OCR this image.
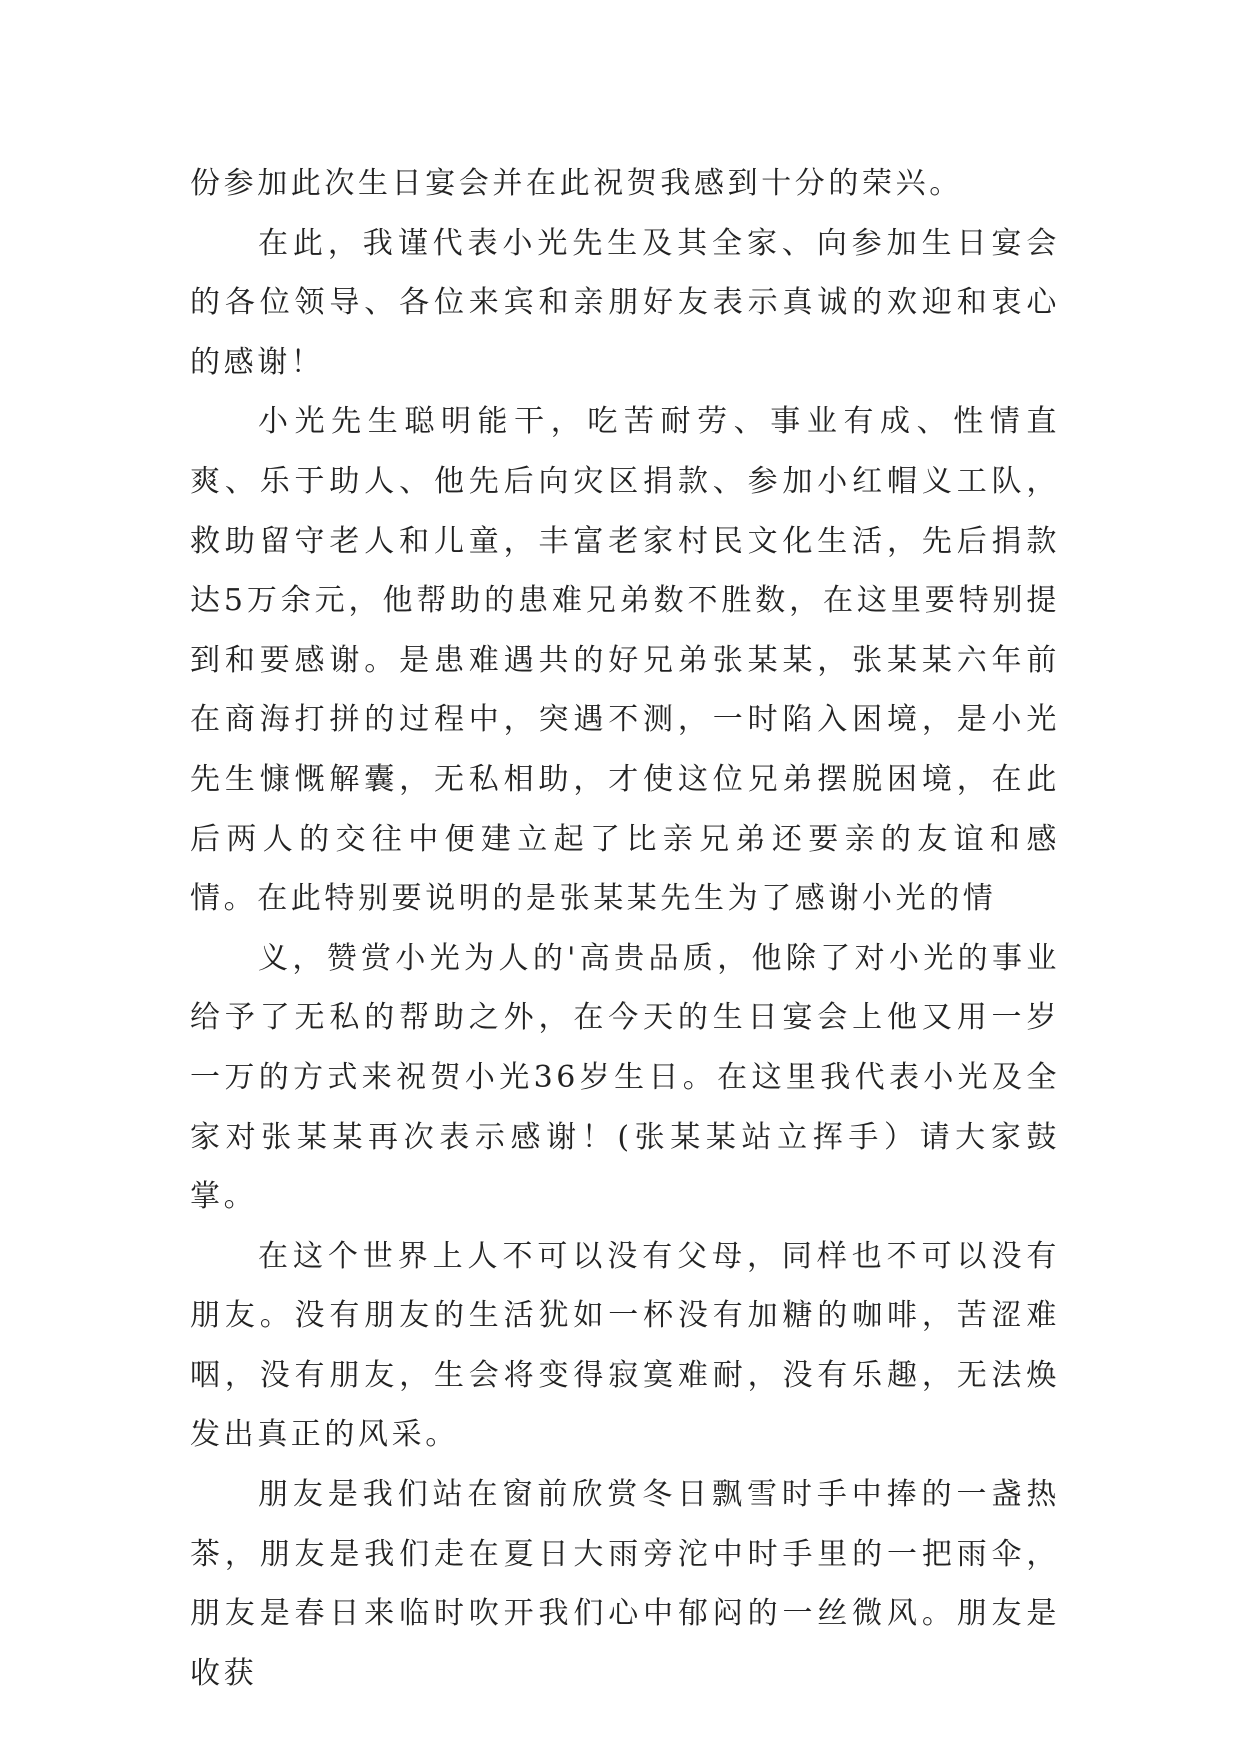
份参加此次生日宴会并在此祝贺我感到十分的荣兴。

在此，我谨代表小光先生及其全家、向参加生日宴会的各位领导、各位来宾和亲朋好友表示真诚的欢迎和衷心的感谢！

小光先生聪明能干，吃苦耐劳、事业有成、性情直爽、乐于助人、他先后向灾区捐款、参加小红帽义工队，救助留守老人和儿童，丰富老家村民文化生活，先后捐款达5万余元，他帮助的患难兄弟数不胜数，在这里要特别提到和要感谢。是患难遇共的好兄弟张某某，张某某六年前在商海打拼的过程中，突遇不测，一时陷入困境，是小光先生慷慨解囊，无私相助，才使这位兄弟摆脱困境，在此后两人的交往中便建立起了比亲兄弟还要亲的友谊和感情。在此特别要说明的是张某某先生为了感谢小光的情

义，赞赏小光为人的'高贵品质，他除了对小光的事业给予了无私的帮助之外，在今天的生日宴会上他又用一岁一万的方式来祝贺小光36岁生日。在这里我代表小光及全家对张某某再次表示感谢！(张某某站立挥手）请大家鼓掌。

在这个世界上人不可以没有父母，同样也不可以没有朋友。没有朋友的生活犹如一杯没有加糖的咖啡，苦涩难咽，没有朋友，生会将变得寂寞难耐，没有乐趣，无法焕发出真正的风采。

朋友是我们站在窗前欣赏冬日飘雪时手中捧的一盏热茶，朋友是我们走在夏日大雨旁沱中时手里的一把雨伞，朋友是春日来临时吹开我们心中郁闷的一丝微风。朋友是收获
